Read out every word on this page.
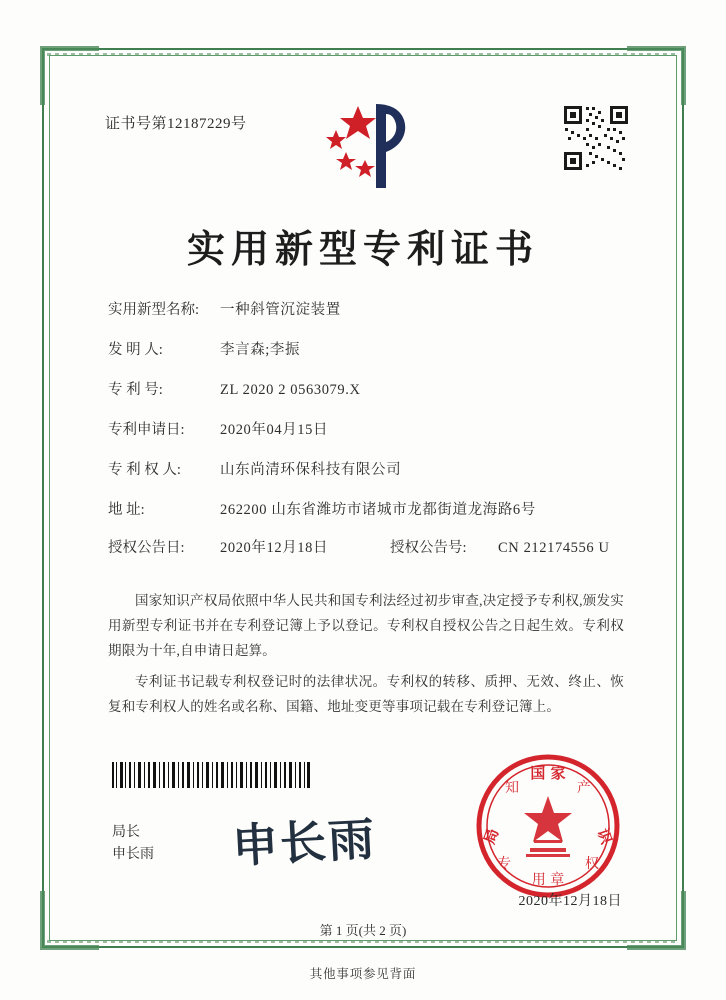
证书号第12187229号
实用新型专利证书
实用新型名称:	一种斜管沉淀装置
发 明 人:	李言森;李振
专 利 号:	ZL 2020 2 0563079.X
专利申请日:	2020年04月15日
专 利 权 人:	山东尚清环保科技有限公司
地 址:	262200 山东省潍坊市诸城市龙都街道龙海路6号
授权公告日:	2020年12月18日	授权公告号:	CN 212174556 U

国家知识产权局依照中华人民共和国专利法经过初步审查,决定授予专利权,颁发实用新型专利证书并在专利登记簿上予以登记。专利权自授权公告之日起生效。专利权期限为十年,自申请日起算。

专利证书记载专利权登记时的法律状况。专利权的转移、质押、无效、终止、恢复和专利权人的姓名或名称、国籍、地址变更等事项记载在专利登记簿上。

局长
申长雨 申长雨
国 家
局	识
知	产
专	权
用 章
2020年12月18日
第 1 页(共 2 页)
其他事项参见背面
